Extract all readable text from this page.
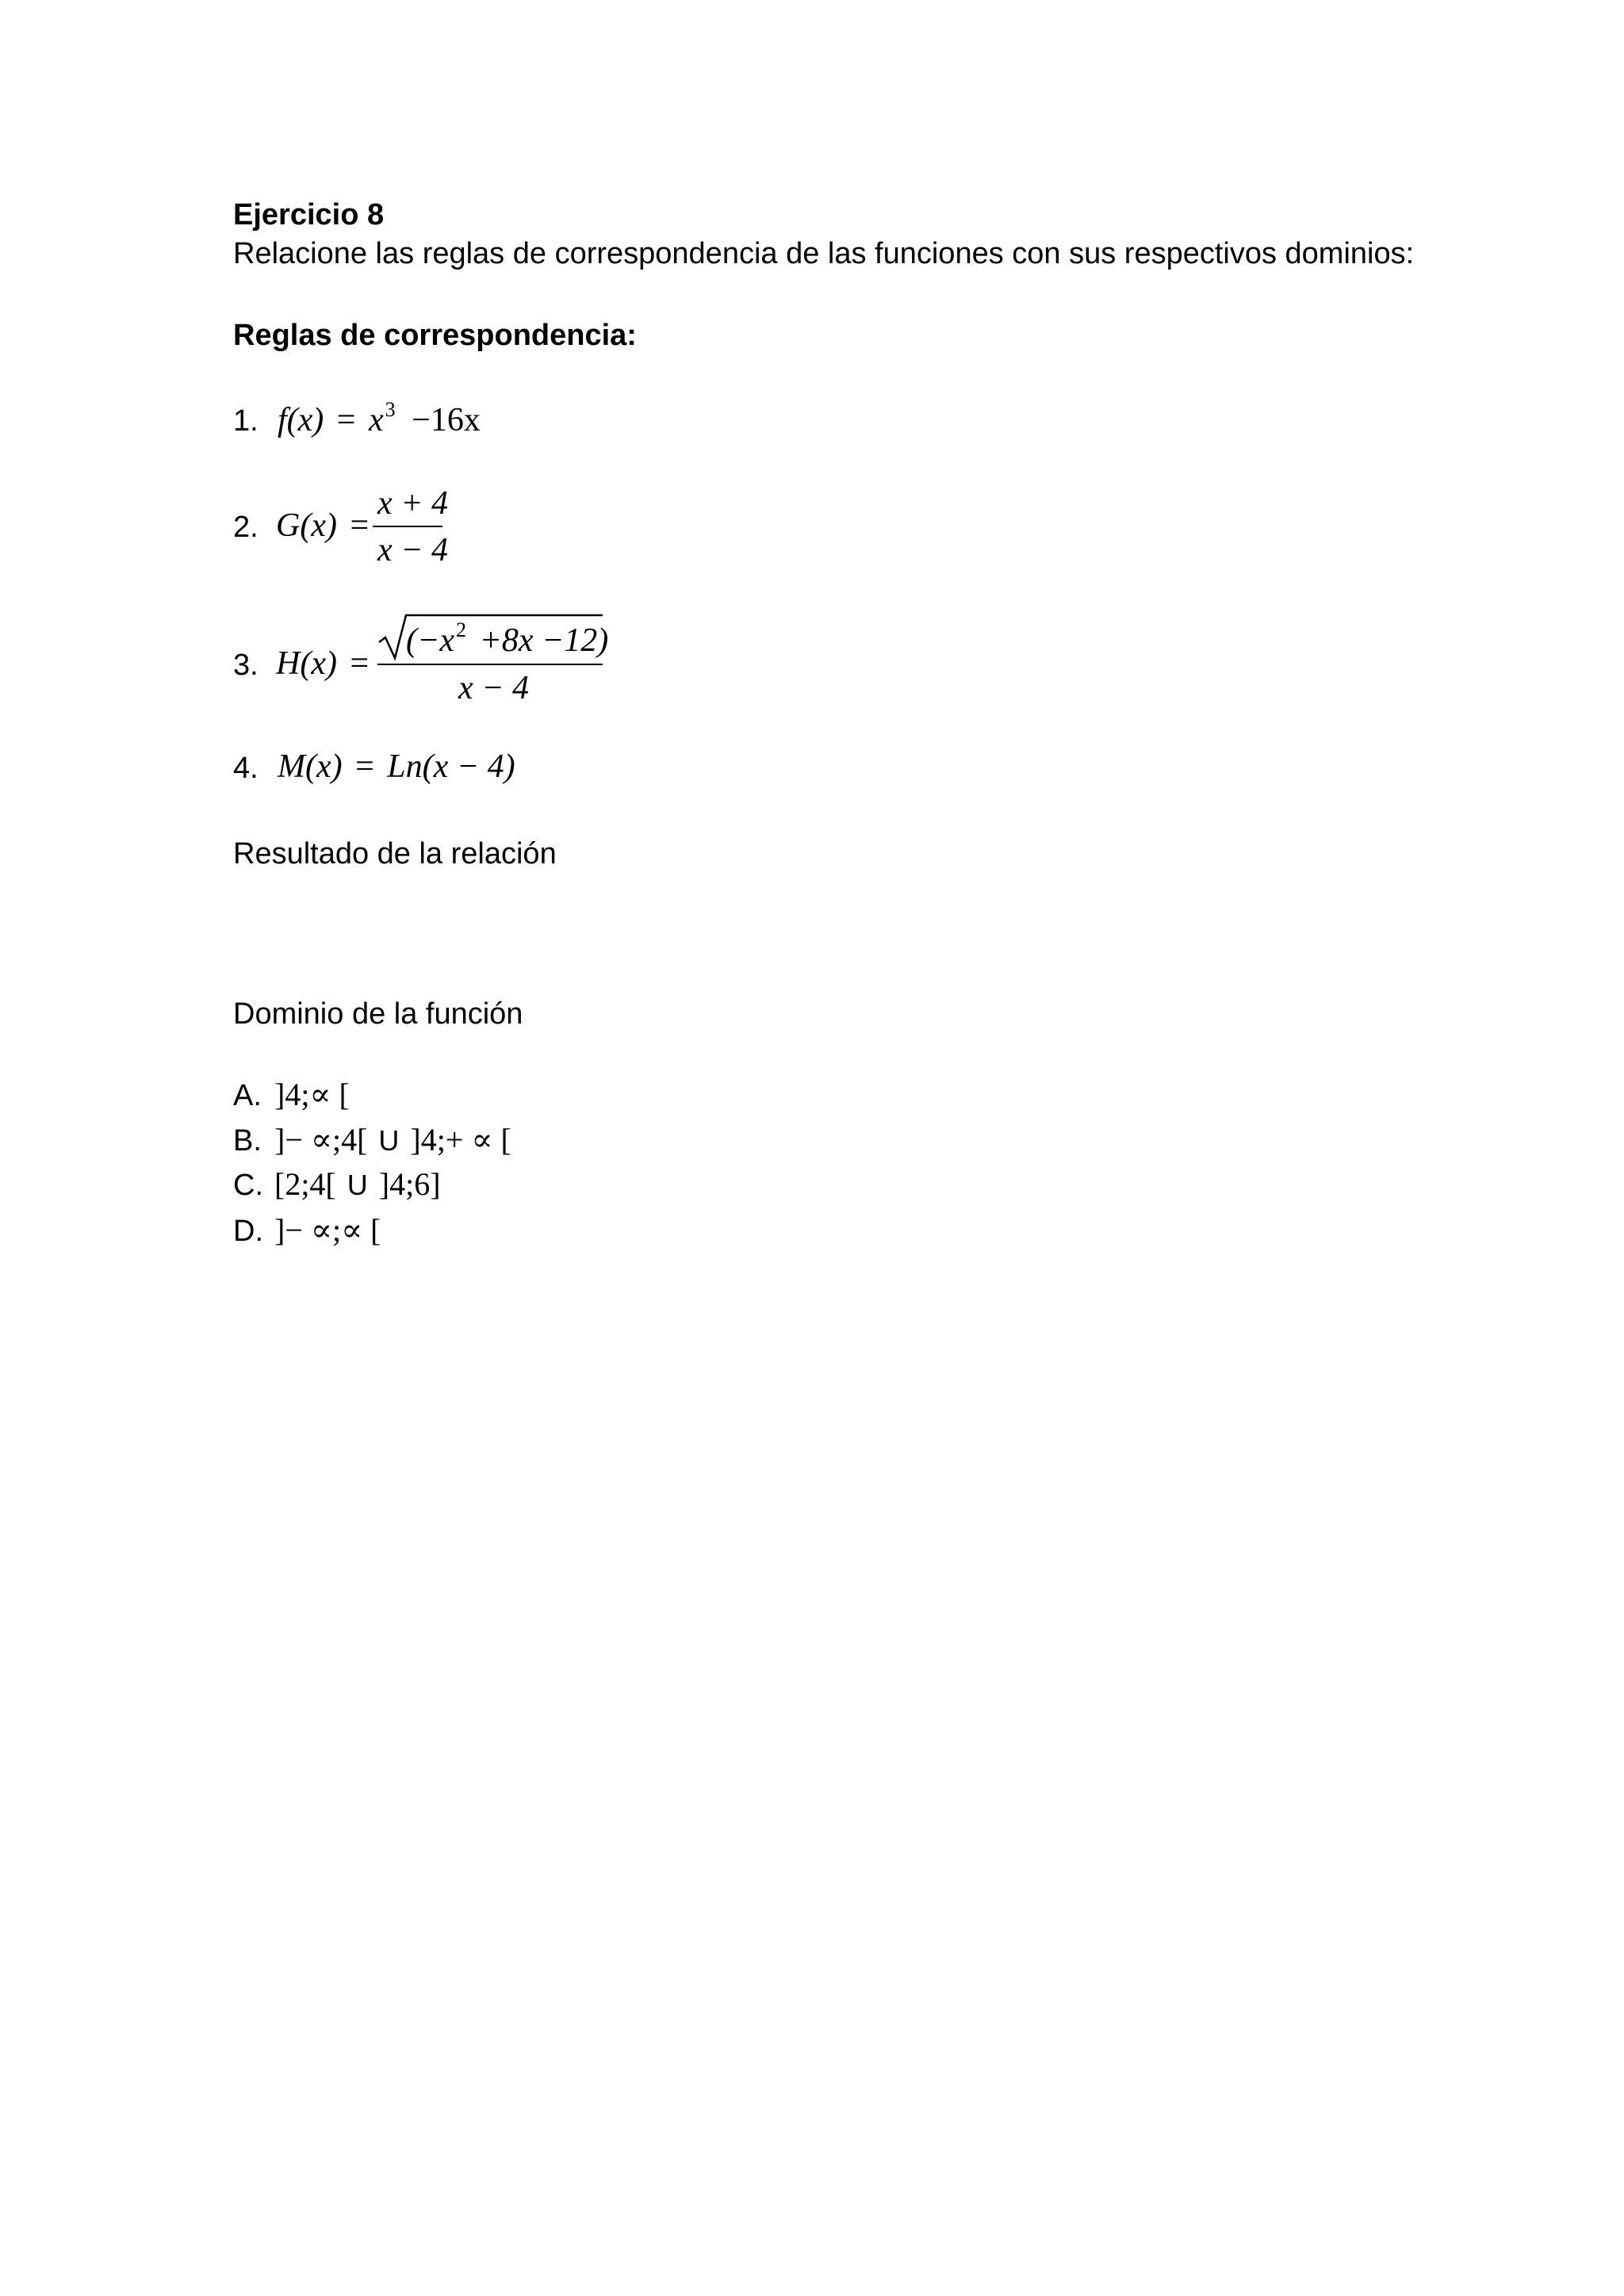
Ejercicio 8
Relacione las reglas de correspondencia de las funciones con sus respectivos dominios:
Reglas de correspondencia:
1. $f(x) = x^3 -16x$
2. G(x) =
x + 4
x − 4
3. H(x) =
$(-x^2 +8x -12)$
x − 4
4. M(x) = Ln(x − 4)
Resultado de la relación
Dominio de la función
A. ]4;∝ [
B. ]− ∝;4[ U ]4;+ ∝ [
C. [2;4[ U ]4;6]
D. ]− ∝;∝ [
